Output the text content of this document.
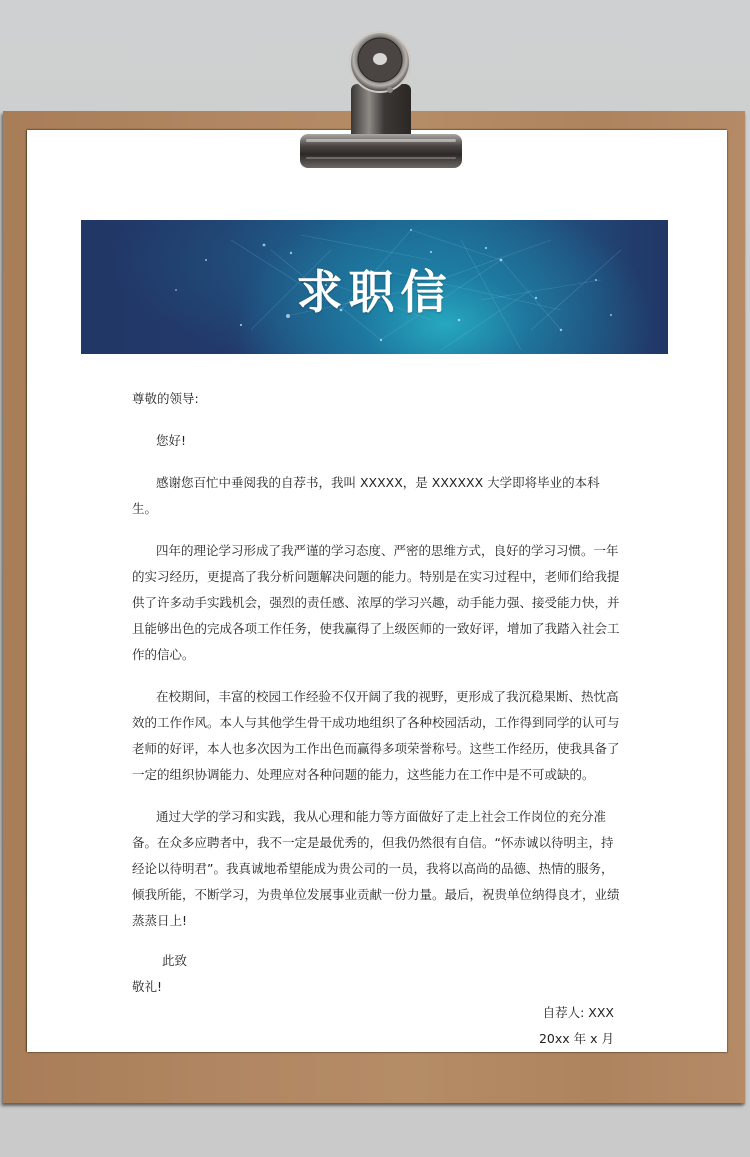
求职信

尊敬的领导:

您好!

感谢您百忙中垂阅我的自荐书，我叫 XXXXX，是 XXXXXX 大学即将毕业的本科生。

四年的理论学习形成了我严谨的学习态度、严密的思维方式，良好的学习习惯。一年的实习经历，更提高了我分析问题解决问题的能力。特别是在实习过程中，老师们给我提供了许多动手实践机会，强烈的责任感、浓厚的学习兴趣，动手能力强、接受能力快，并且能够出色的完成各项工作任务，使我赢得了上级医师的一致好评，增加了我踏入社会工作的信心。

在校期间，丰富的校园工作经验不仅开阔了我的视野，更形成了我沉稳果断、热忱高效的工作作风。本人与其他学生骨干成功地组织了各种校园活动，工作得到同学的认可与老师的好评，本人也多次因为工作出色而赢得多项荣誉称号。这些工作经历，使我具备了一定的组织协调能力、处理应对各种问题的能力，这些能力在工作中是不可或缺的。

通过大学的学习和实践，我从心理和能力等方面做好了走上社会工作岗位的充分准备。在众多应聘者中，我不一定是最优秀的，但我仍然很有自信。“怀赤诚以待明主，持经论以待明君”。我真诚地希望能成为贵公司的一员，我将以高尚的品德、热情的服务，倾我所能，不断学习，为贵单位发展事业贡献一份力量。最后，祝贵单位纳得良才，业绩蒸蒸日上!

此致

敬礼!

自荐人: XXX

20xx 年 x 月
